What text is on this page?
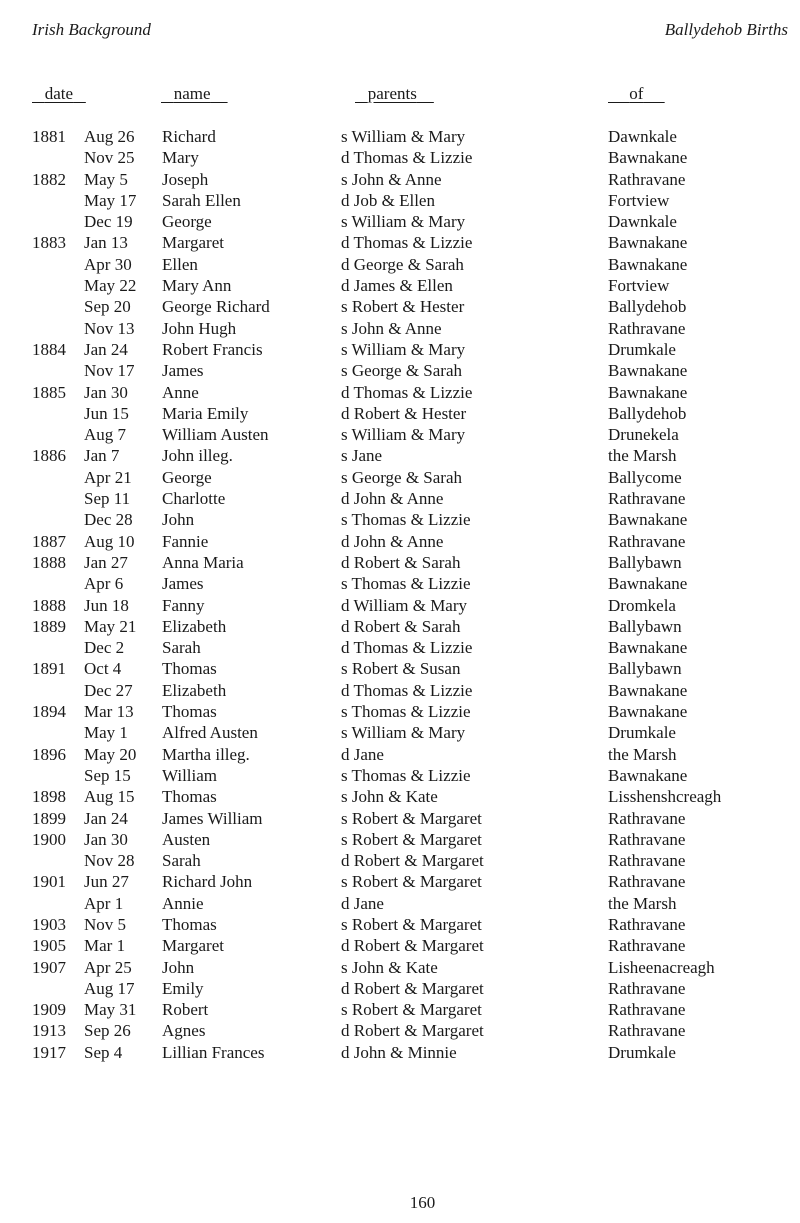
Irish Background	Ballydehob Births
date	name	parents	of
1881 Aug 26 Richard	s William & Mary	Dawnkale
Nov 25 Mary	d Thomas & Lizzie	Bawnakane
1882 May 5 Joseph	s John & Anne	Rathravane
May 17 Sarah Ellen	d Job & Ellen	Fortview
Dec 19 George	s William & Mary	Dawnkale
1883 Jan 13 Margaret	d Thomas & Lizzie	Bawnakane
Apr 30 Ellen	d George & Sarah	Bawnakane
May 22 Mary Ann	d James & Ellen	Fortview
Sep 20 George Richard	s Robert & Hester	Ballydehob
Nov 13 John Hugh	s John & Anne	Rathravane
1884 Jan 24 Robert Francis	s William & Mary	Drumkale
Nov 17 James	s George & Sarah	Bawnakane
1885 Jan 30 Anne	d Thomas & Lizzie	Bawnakane
Jun 15 Maria Emily	d Robert & Hester	Ballydehob
Aug 7 William Austen	s William & Mary	Drunekela
1886 Jan 7	John illeg.	s Jane	the Marsh
Apr 21 George	s George & Sarah	Ballycome
Sep 11 Charlotte	d John & Anne	Rathravane
Dec 28 John	s Thomas & Lizzie	Bawnakane
1887 Aug 10 Fannie	d John & Anne	Rathravane
1888 Jan 27 Anna Maria	d Robert & Sarah	Ballybawn
Apr 6 James	s Thomas & Lizzie	Bawnakane
1888 Jun 18 Fanny	d William & Mary	Dromkela
1889 May 21 Elizabeth	d Robert & Sarah	Ballybawn
Dec 2 Sarah	d Thomas & Lizzie	Bawnakane
1891 Oct 4 Thomas	s Robert & Susan	Ballybawn
Dec 27 Elizabeth	d Thomas & Lizzie	Bawnakane
1894 Mar 13 Thomas	s Thomas & Lizzie	Bawnakane
May 1 Alfred Austen	s William & Mary	Drumkale
1896 May 20 Martha illeg.	d Jane	the Marsh
Sep 15 William	s Thomas & Lizzie	Bawnakane
1898 Aug 15 Thomas	s John & Kate	Lisshenshcreagh
1899 Jan 24 James William	s Robert & Margaret	Rathravane
1900 Jan 30 Austen	s Robert & Margaret	Rathravane
Nov 28 Sarah	d Robert & Margaret	Rathravane
1901 Jun 27 Richard John	s Robert & Margaret	Rathravane
Apr 1 Annie	d Jane	the Marsh
1903 Nov 5 Thomas	s Robert & Margaret	Rathravane
1905 Mar 1 Margaret	d Robert & Margaret	Rathravane
1907 Apr 25 John	s John & Kate	Lisheenacreagh
Aug 17 Emily	d Robert & Margaret	Rathravane
1909 May 31 Robert	s Robert & Margaret	Rathravane
1913 Sep 26 Agnes	d Robert & Margaret	Rathravane
1917 Sep 4 Lillian Frances	d John & Minnie	Drumkale
160
